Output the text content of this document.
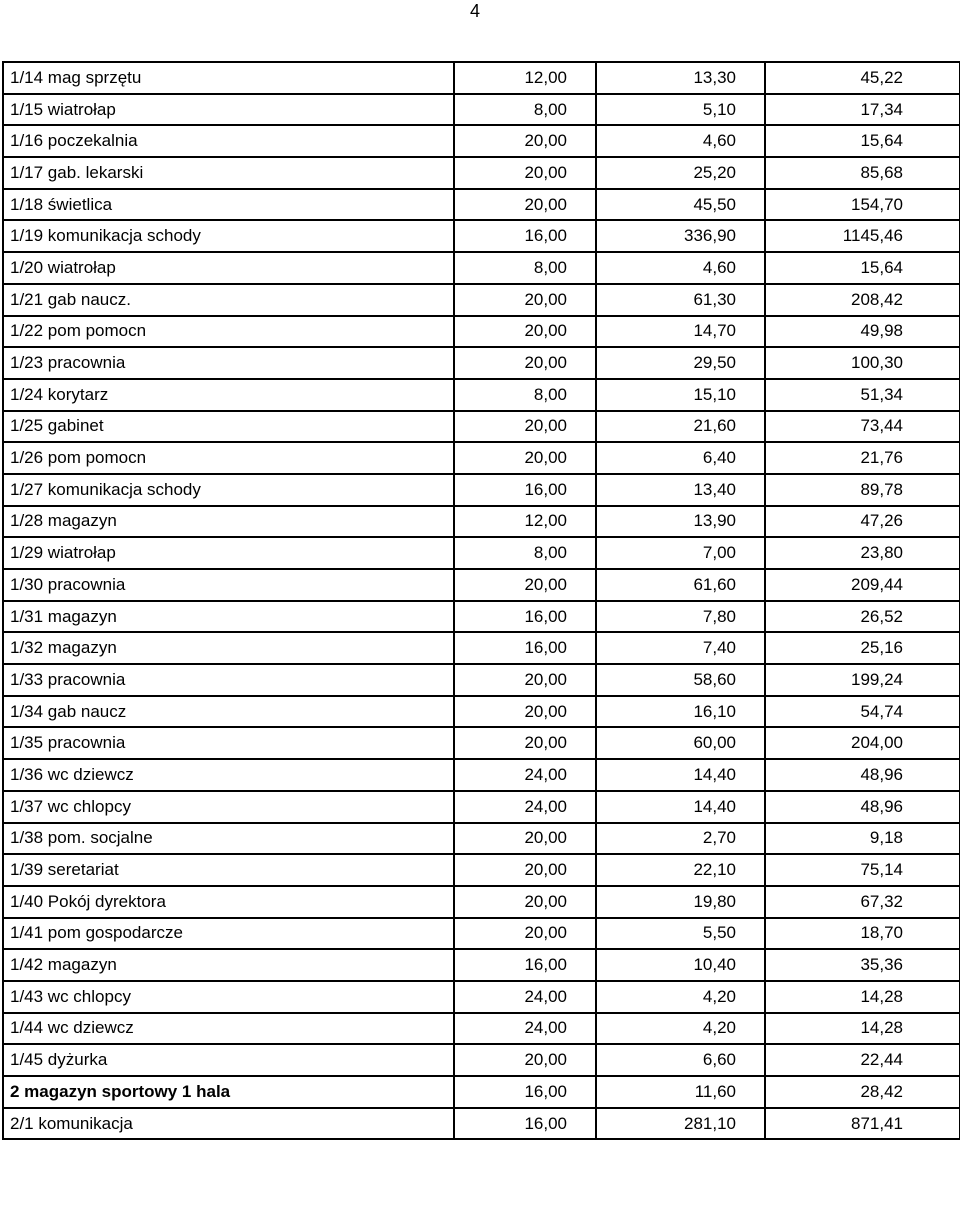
4
1/14 mag sprzętu	12,00	13,30	45,22
1/15 wiatrołap	8,00	5,10	17,34
1/16 poczekalnia	20,00	4,60	15,64
1/17 gab. lekarski	20,00	25,20	85,68
1/18 świetlica	20,00	45,50	154,70
1/19 komunikacja schody	16,00	336,90	1145,46
1/20 wiatrołap	8,00	4,60	15,64
1/21 gab naucz.	20,00	61,30	208,42
1/22 pom pomocn	20,00	14,70	49,98
1/23 pracownia	20,00	29,50	100,30
1/24 korytarz	8,00	15,10	51,34
1/25 gabinet	20,00	21,60	73,44
1/26 pom pomocn	20,00	6,40	21,76
1/27 komunikacja schody	16,00	13,40	89,78
1/28 magazyn	12,00	13,90	47,26
1/29 wiatrołap	8,00	7,00	23,80
1/30 pracownia	20,00	61,60	209,44
1/31 magazyn	16,00	7,80	26,52
1/32 magazyn	16,00	7,40	25,16
1/33 pracownia	20,00	58,60	199,24
1/34 gab naucz	20,00	16,10	54,74
1/35 pracownia	20,00	60,00	204,00
1/36 wc dziewcz	24,00	14,40	48,96
1/37 wc chlopcy	24,00	14,40	48,96
1/38 pom. socjalne	20,00	2,70	9,18
1/39 seretariat	20,00	22,10	75,14
1/40 Pokój dyrektora	20,00	19,80	67,32
1/41 pom gospodarcze	20,00	5,50	18,70
1/42 magazyn	16,00	10,40	35,36
1/43 wc chlopcy	24,00	4,20	14,28
1/44 wc dziewcz	24,00	4,20	14,28
1/45 dyżurka	20,00	6,60	22,44
2 magazyn sportowy 1 hala	16,00	11,60	28,42
2/1 komunikacja	16,00	281,10	871,41
